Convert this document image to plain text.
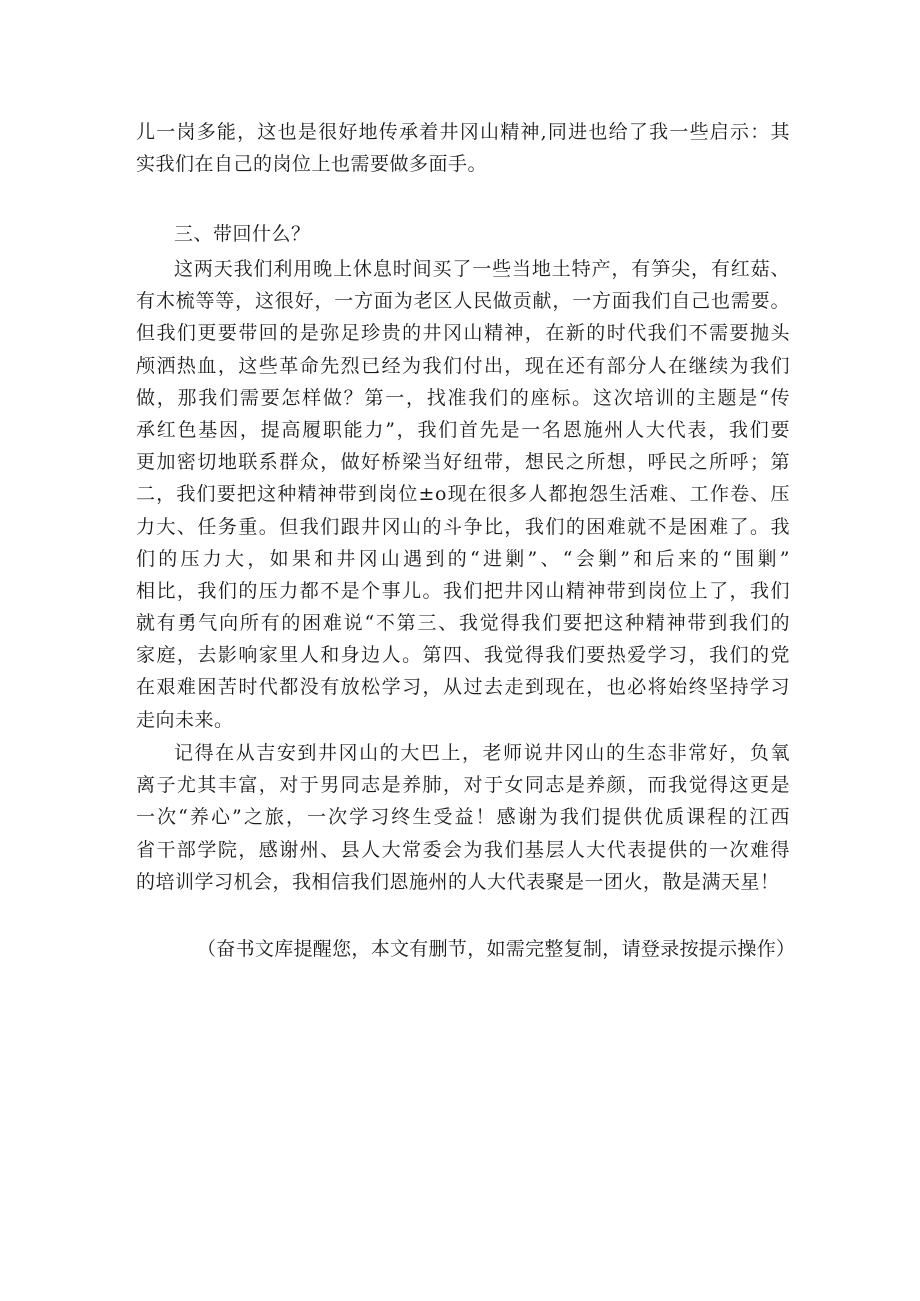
儿一岗多能，这也是很好地传承着井冈山精神,同进也给了我一些启示：其
实我们在自己的岗位上也需要做多面手。
三、带回什么？
这两天我们利用晚上休息时间买了一些当地土特产，有笋尖，有红菇、
有木梳等等，这很好，一方面为老区人民做贡献，一方面我们自己也需要。
但我们更要带回的是弥足珍贵的井冈山精神，在新的时代我们不需要抛头
颅洒热血，这些革命先烈已经为我们付出，现在还有部分人在继续为我们
做，那我们需要怎样做？第一，找准我们的座标。这次培训的主题是“传
承红色基因，提高履职能力”，我们首先是一名恩施州人大代表，我们要
更加密切地联系群众，做好桥梁当好纽带，想民之所想，呼民之所呼；第
二，我们要把这种精神带到岗位±o现在很多人都抱怨生活难、工作卷、压
力大、任务重。但我们跟井冈山的斗争比，我们的困难就不是困难了。我
们的压力大，如果和井冈山遇到的“进剿”、“会剿”和后来的“围剿”
相比，我们的压力都不是个事儿。我们把井冈山精神带到岗位上了，我们
就有勇气向所有的困难说“不第三、我觉得我们要把这种精神带到我们的
家庭，去影响家里人和身边人。第四、我觉得我们要热爱学习，我们的党
在艰难困苦时代都没有放松学习，从过去走到现在，也必将始终坚持学习
走向未来。
记得在从吉安到井冈山的大巴上，老师说井冈山的生态非常好，负氧
离子尤其丰富，对于男同志是养肺，对于女同志是养颜，而我觉得这更是
一次“养心”之旅，一次学习终生受益！感谢为我们提供优质课程的江西
省干部学院，感谢州、县人大常委会为我们基层人大代表提供的一次难得
的培训学习机会，我相信我们恩施州的人大代表聚是一团火，散是满天星！
（奋书文库提醒您，本文有删节，如需完整复制，请登录按提示操作）
